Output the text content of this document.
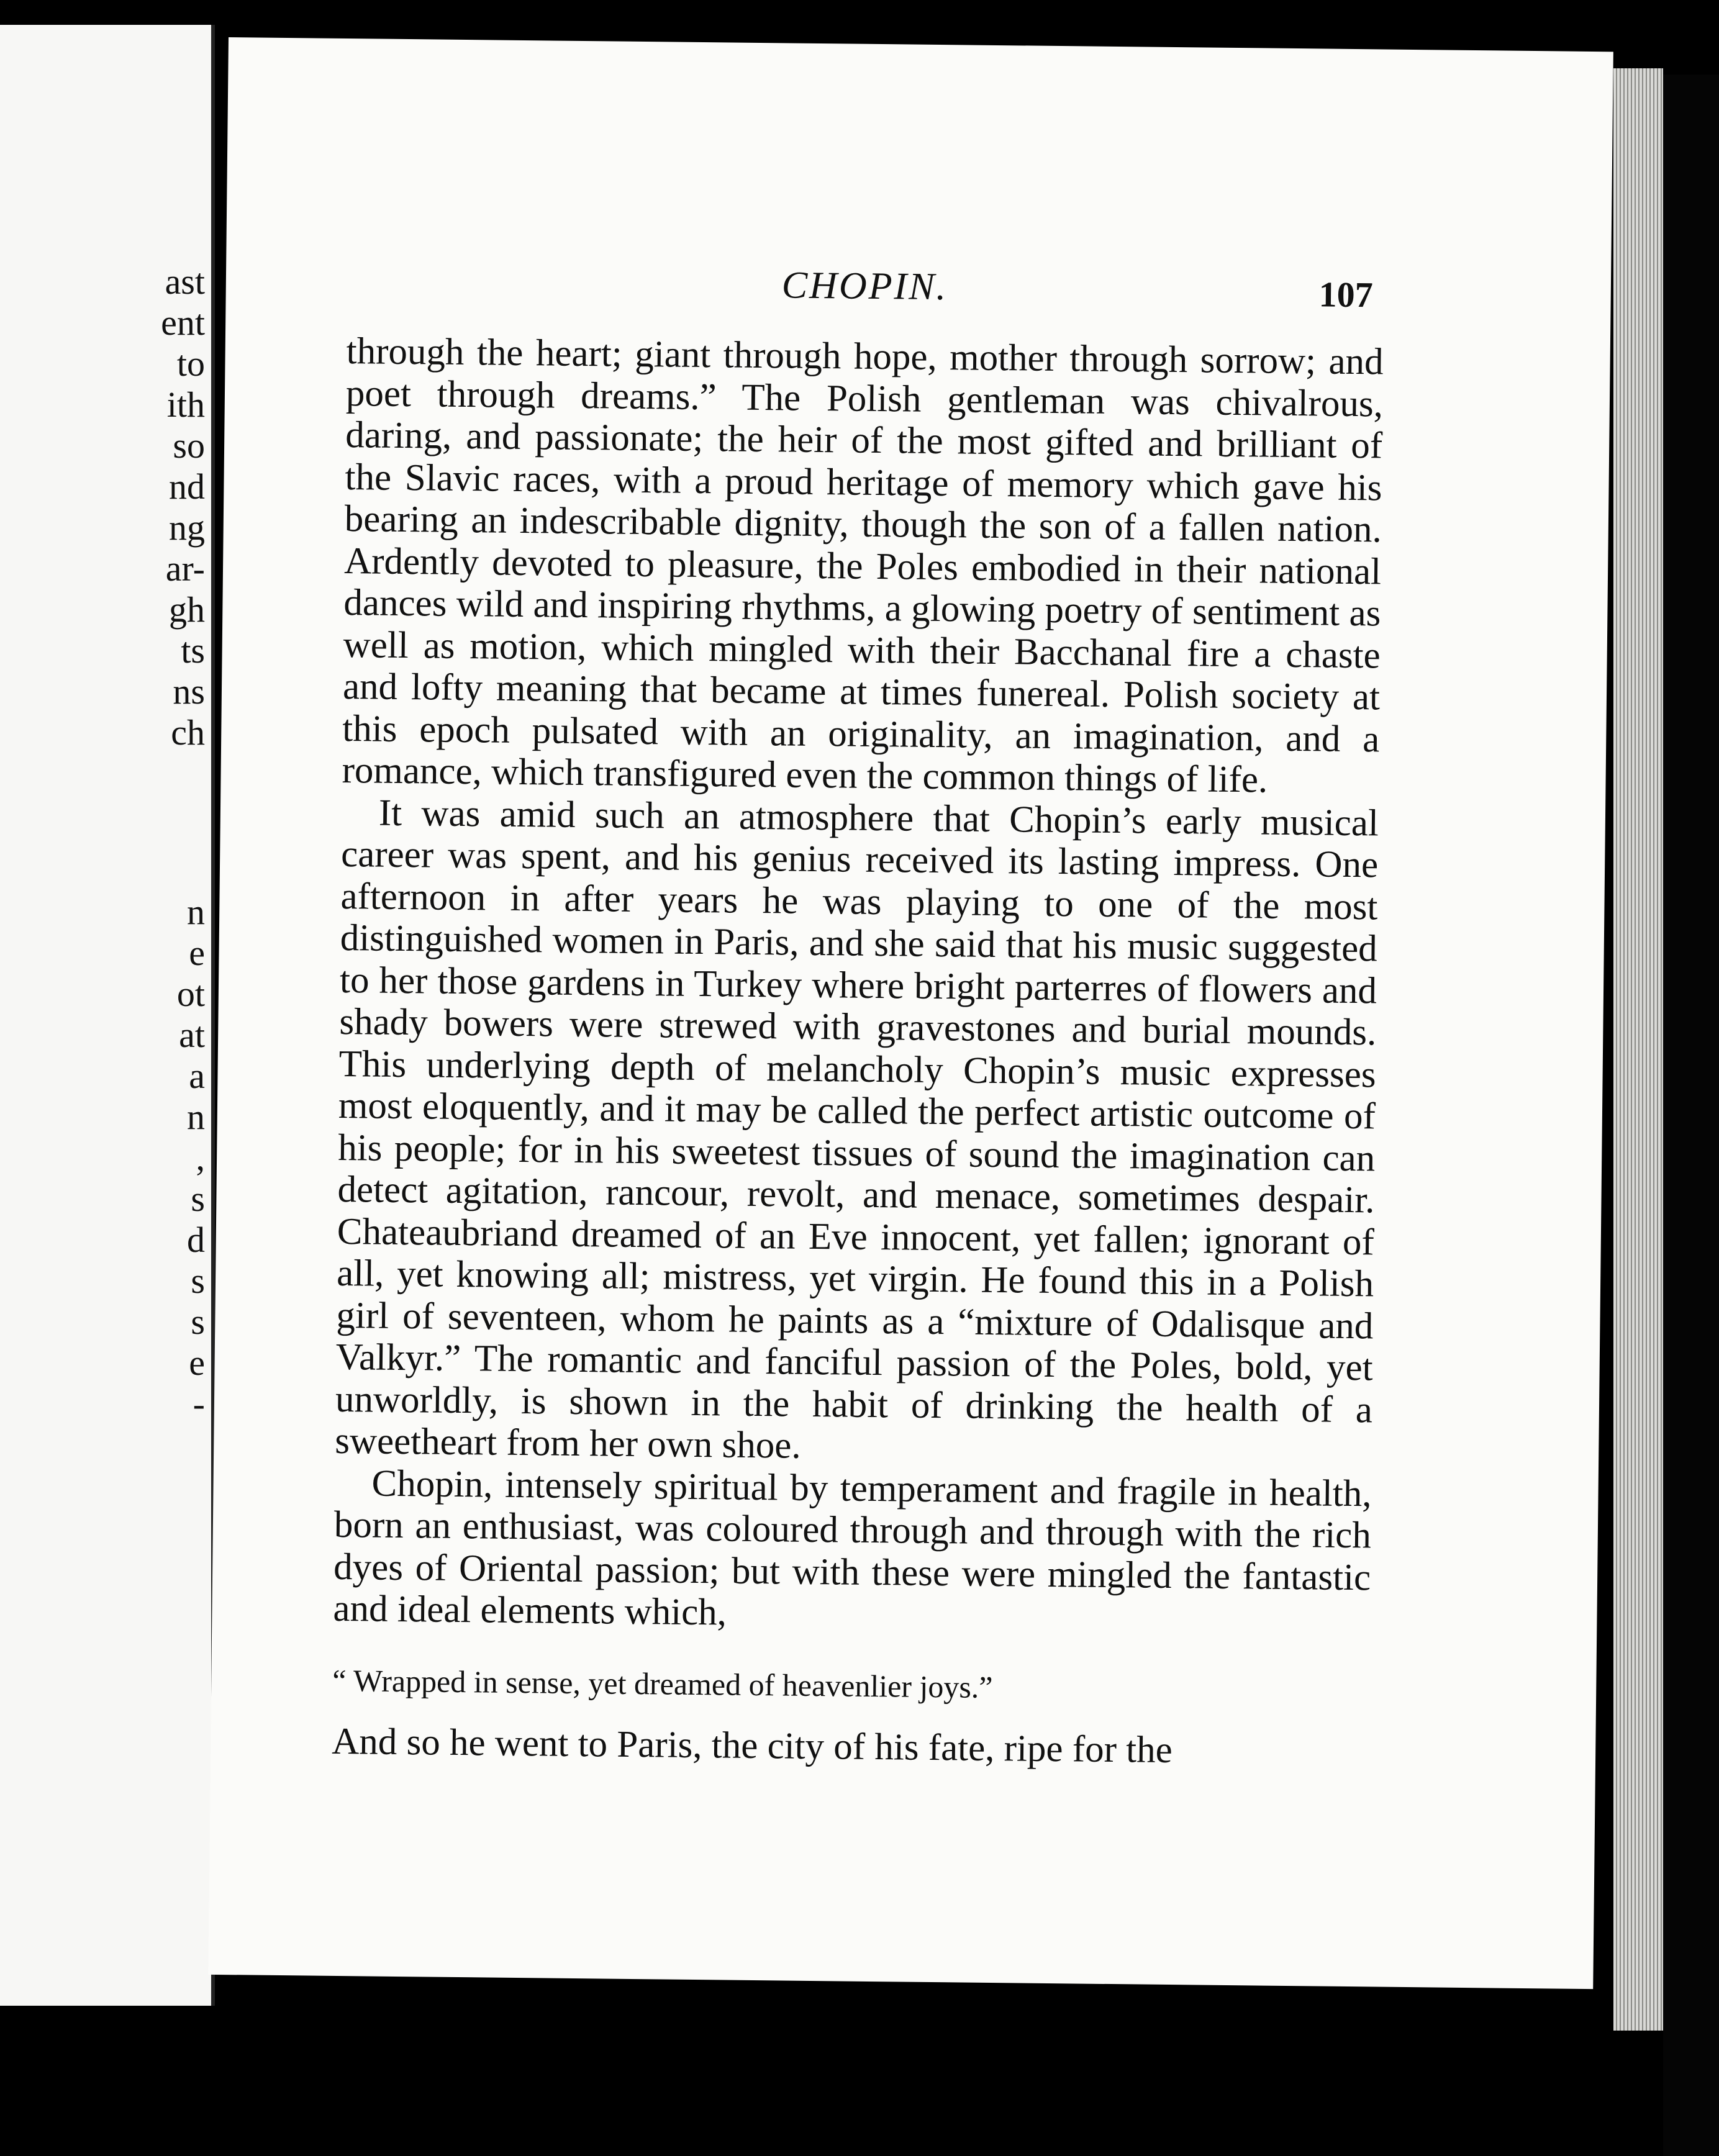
ast
ent
to
ith
so
nd
ng
ar-
gh
ts
ns
ch
n
e
ot
at
a
n
,
s
d
s
s
e
-
CHOPIN.	107

through the heart; giant through hope, mother through sorrow; and poet through dreams.” The Polish gentleman was chivalrous, daring, and passionate; the heir of the most gifted and brilliant of the Slavic races, with a proud heritage of memory which gave his bearing an indescribable dignity, though the son of a fallen nation. Ardently devoted to pleasure, the Poles embodied in their national dances wild and inspiring rhythms, a glowing poetry of sentiment as well as motion, which mingled with their Bacchanal fire a chaste and lofty meaning that became at times funereal. Polish society at this epoch pulsated with an originality, an imagination, and a romance, which transfigured even the common things of life.

It was amid such an atmosphere that Chopin’s early musical career was spent, and his genius received its lasting impress. One afternoon in after years he was playing to one of the most distinguished women in Paris, and she said that his music suggested to her those gardens in Turkey where bright parterres of flowers and shady bowers were strewed with gravestones and burial mounds. This underlying depth of melancholy Chopin’s music expresses most eloquently, and it may be called the perfect artistic outcome of his people; for in his sweetest tissues of sound the imagination can detect agitation, rancour, revolt, and menace, sometimes despair. Chateaubriand dreamed of an Eve innocent, yet fallen; ignorant of all, yet knowing all; mistress, yet virgin. He found this in a Polish girl of seventeen, whom he paints as a “mixture of Odalisque and Valkyr.” The romantic and fanciful passion of the Poles, bold, yet unworldly, is shown in the habit of drinking the health of a sweetheart from her own shoe.

Chopin, intensely spiritual by temperament and fragile in health, born an enthusiast, was coloured through and through with the rich dyes of Oriental passion; but with these were mingled the fantastic and ideal elements which,

“ Wrapped in sense, yet dreamed of heavenlier joys.”

And so he went to Paris, the city of his fate, ripe for the
